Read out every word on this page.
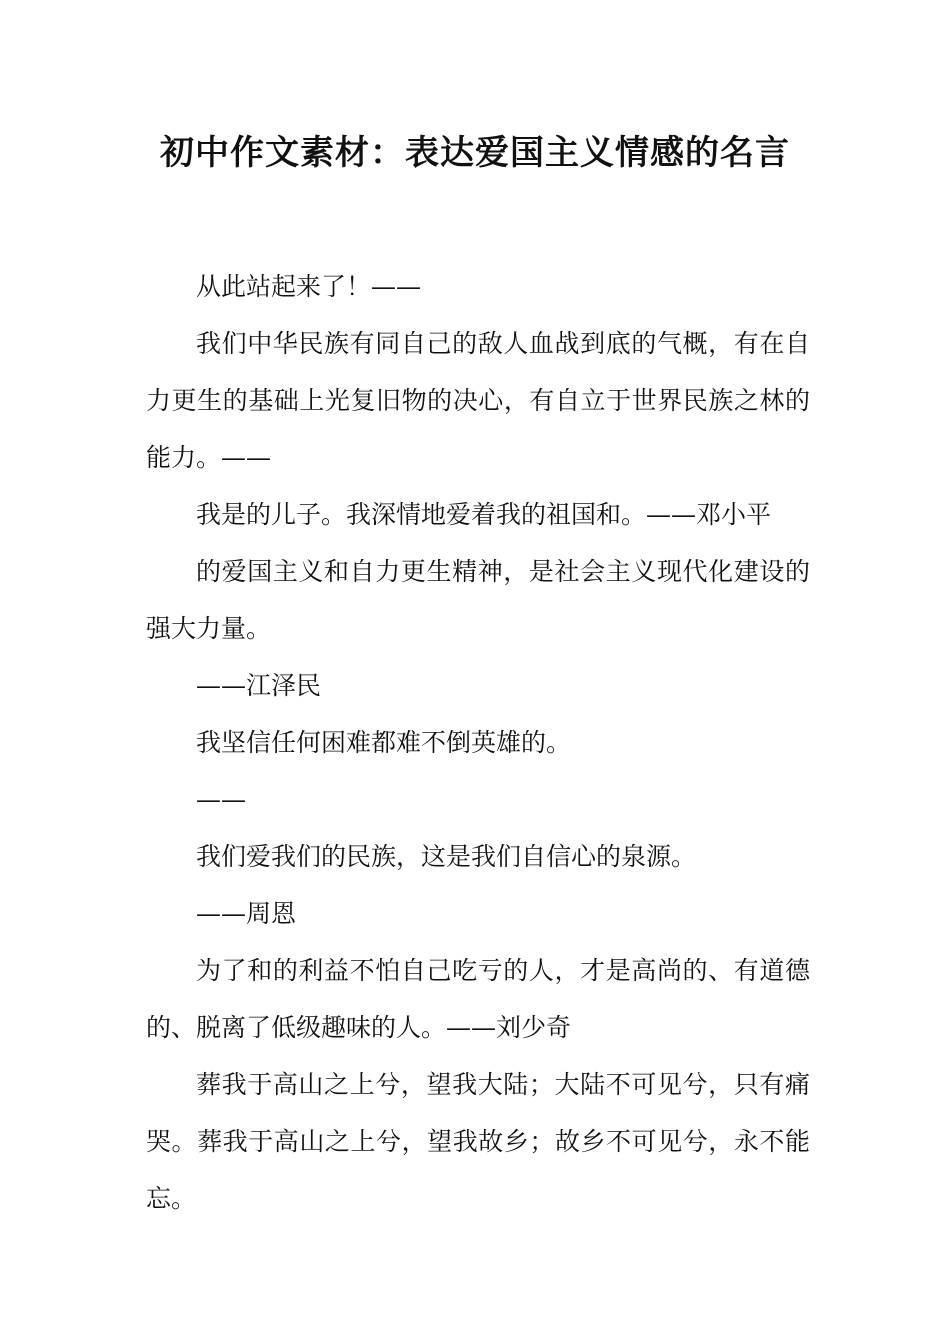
初中作文素材：表达爱国主义情感的名言

从此站起来了！——

我们中华民族有同自己的敌人血战到底的气概，有在自力更生的基础上光复旧物的决心，有自立于世界民族之林的能力。——

我是的儿子。我深情地爱着我的祖国和。——邓小平

的爱国主义和自力更生精神，是社会主义现代化建设的强大力量。

——江泽民

我坚信任何困难都难不倒英雄的。

——

我们爱我们的民族，这是我们自信心的泉源。

——周恩

为了和的利益不怕自己吃亏的人，才是高尚的、有道德的、脱离了低级趣味的人。——刘少奇

葬我于高山之上兮，望我大陆；大陆不可见兮，只有痛哭。葬我于高山之上兮，望我故乡；故乡不可见兮，永不能忘。
